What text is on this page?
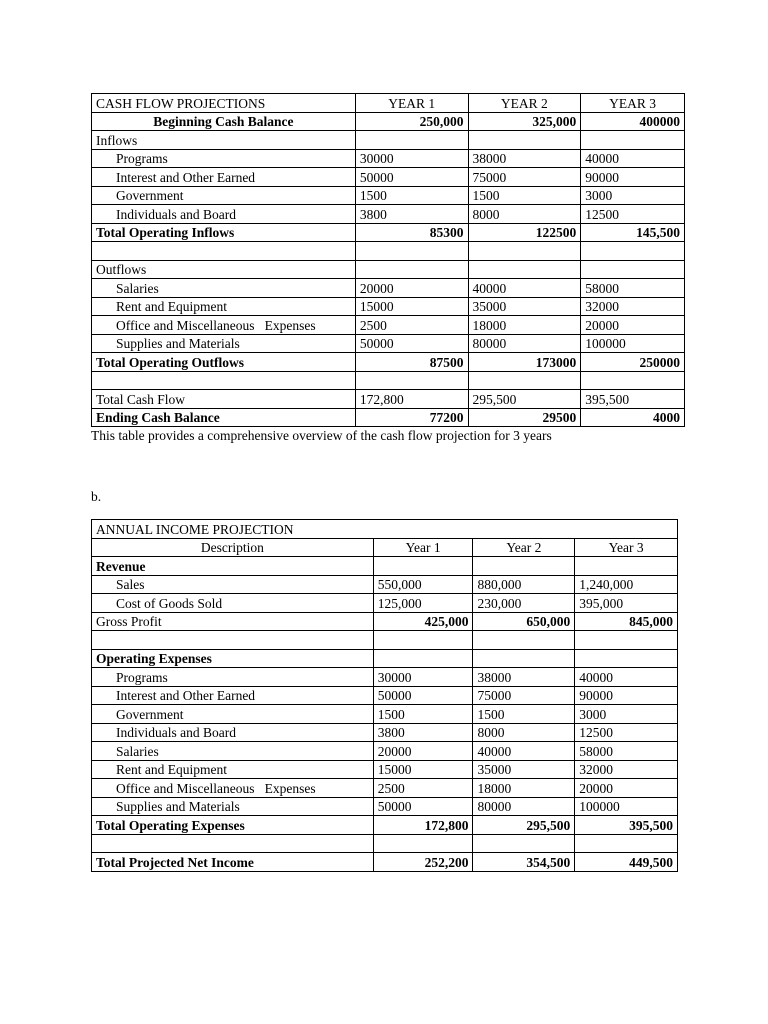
CASH FLOW PROJECTIONS	YEAR 1	YEAR 2	YEAR 3
Beginning Cash Balance	250,000	325,000	400000
Inflows			
Programs	30000	38000	40000
Interest and Other Earned	50000	75000	90000
Government	1500	1500	3000
Individuals and Board	3800	8000	12500
Total Operating Inflows	85300	122500	145,500

Outflows			
Salaries	20000	40000	58000
Rent and Equipment	15000	35000	32000
Office and Miscellaneous   Expenses	2500	18000	20000
Supplies and Materials	50000	80000	100000
Total Operating Outflows	87500	173000	250000

Total Cash Flow	172,800	295,500	395,500
Ending Cash Balance	77200	29500	4000
This table provides a comprehensive overview of the cash flow projection for 3 years
b.
ANNUAL INCOME PROJECTION			
Description	Year 1	Year 2	Year 3
Revenue			
Sales	550,000	880,000	1,240,000
Cost of Goods Sold	125,000	230,000	395,000
Gross Profit	425,000	650,000	845,000

Operating Expenses			
Programs	30000	38000	40000
Interest and Other Earned	50000	75000	90000
Government	1500	1500	3000
Individuals and Board	3800	8000	12500
Salaries	20000	40000	58000
Rent and Equipment	15000	35000	32000
Office and Miscellaneous   Expenses	2500	18000	20000
Supplies and Materials	50000	80000	100000
Total Operating Expenses	172,800	295,500	395,500

Total Projected Net Income	252,200	354,500	449,500
